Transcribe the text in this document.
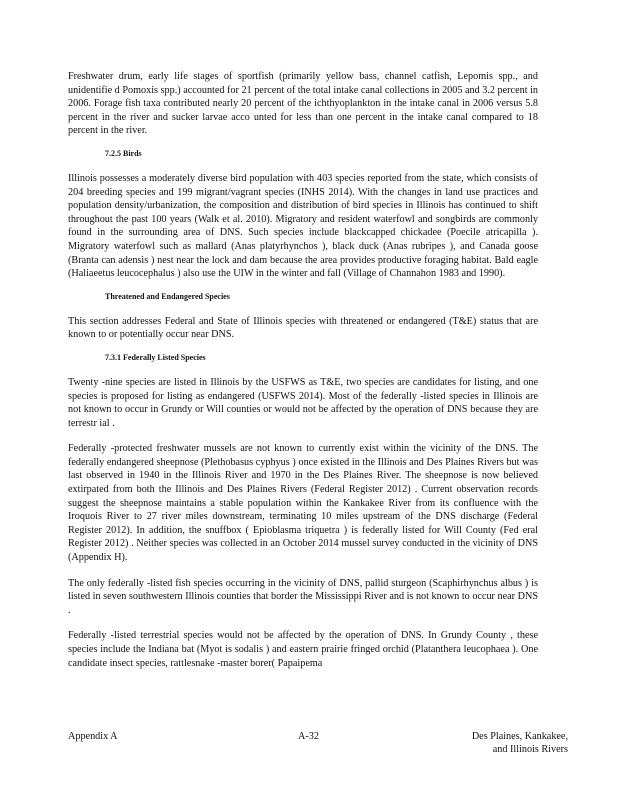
Freshwater drum, early life stages of sportfish (primarily yellow bass, channel catfish, Lepomis spp., and unidentifie d Pomoxis spp.) accounted for 21 percent of the total intake canal collections in 2005 and 3.2 percent in 2006. Forage fish taxa contributed nearly 20 percent of the ichthyoplankton in the intake canal in 2006 versus 5.8 percent in the river and sucker larvae acco unted for less than one percent in the intake canal compared to 18 percent in the river.

7.2.5 Birds

Illinois possesses a moderately diverse bird population with 403 species reported from the state, which consists of 204 breeding species and 199 migrant/vagrant species (INHS 2014). With the changes in land use practices and population density/urbanization, the composition and distribution of bird species in Illinois has continued to shift throughout the past 100 years (Walk et al. 2010). Migratory and resident waterfowl and songbirds are commonly found in the surrounding area of DNS. Such species include blackcapped chickadee (Poecile atricapilla ). Migratory waterfowl such as mallard (Anas platyrhynchos ), black duck (Anas rubripes ), and Canada goose (Branta can adensis ) nest near the lock and dam because the area provides productive foraging habitat. Bald eagle (Haliaeetus leucocephalus ) also use the UIW in the winter and fall (Village of Channahon 1983 and 1990).

Threatened and Endangered Species

This section addresses Federal and State of Illinois species with threatened or endangered (T&E) status that are known to or potentially occur near DNS.

7.3.1 Federally Listed Species

Twenty -nine species are listed in Illinois by the USFWS as T&E, two species are candidates for listing, and one species is proposed for listing as endangered (USFWS 2014). Most of the federally -listed species in Illinois are not known to occur in Grundy or Will counties or would not be affected by the operation of DNS because they are terrestr ial .

Federally -protected freshwater mussels are not known to currently exist within the vicinity of the DNS. The federally endangered sheepnose (Plethobasus cyphyus ) once existed in the Illinois and Des Plaines Rivers but was last observed in 1940 in the Illinois River and 1970 in the Des Plaines River. The sheepnose is now believed extirpated from both the Illinois and Des Plaines Rivers (Federal Register 2012) . Current observation records suggest the sheepnose maintains a stable population within the Kankakee River from its confluence with the Iroquois River to 27 river miles downstream, terminating 10 miles upstream of the DNS discharge (Federal Register 2012). In addition, the snuffbox ( Epioblasma triquetra ) is federally listed for Will County (Fed eral Register 2012) . Neither species was collected in an October 2014 mussel survey conducted in the vicinity of DNS (Appendix H).

The only federally -listed fish species occurring in the vicinity of DNS, pallid sturgeon (Scaphirhynchus albus ) is listed in seven southwestern Illinois counties that border the Mississippi River and is not known to occur near DNS .

Federally -listed terrestrial species would not be affected by the operation of DNS. In Grundy County , these species include the Indiana bat (Myot is sodalis ) and eastern prairie fringed orchid (Platanthera leucophaea ). One candidate insect species, rattlesnake -master borer( Papaipema

Appendix A	A-32	Des Plaines, Kankakee,
and Illinois Rivers
